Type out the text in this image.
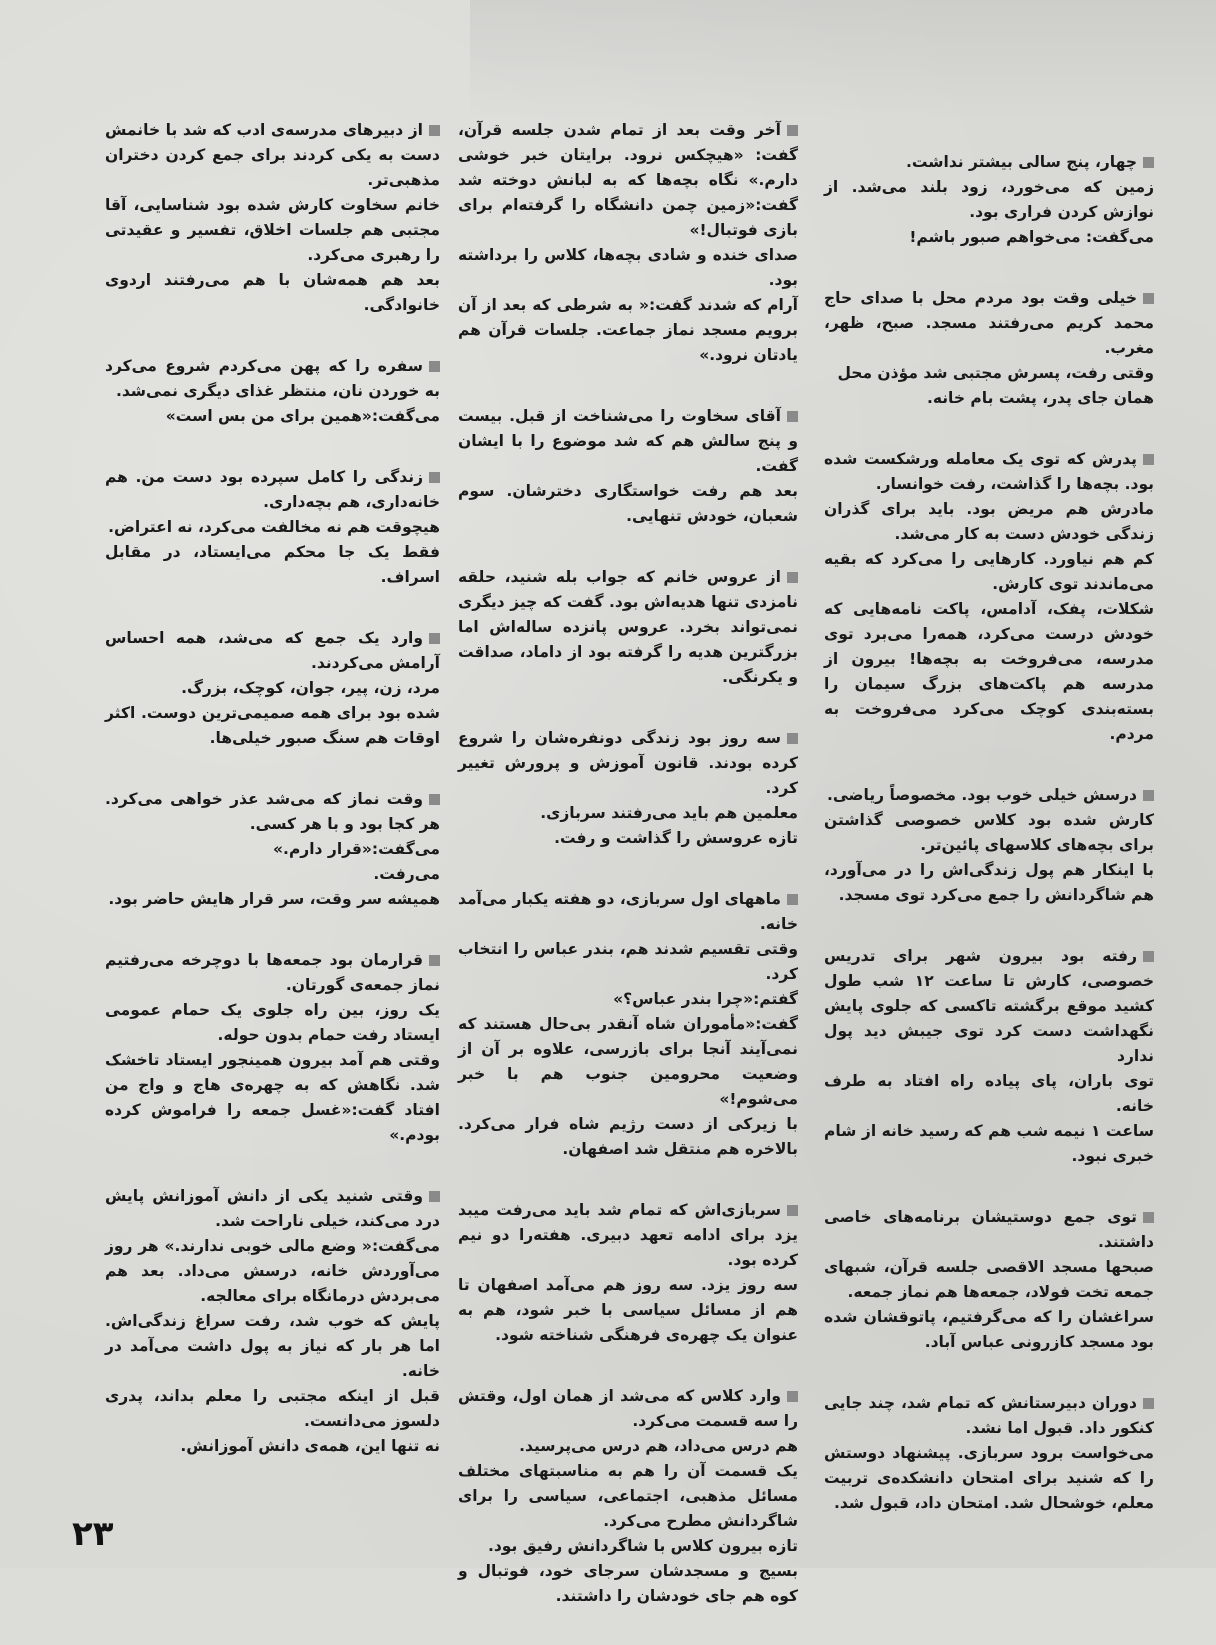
چهار، پنج سالی بیشتر نداشت.

زمین که می‌خورد، زود بلند می‌شد. از نوازش کردن فراری بود.

می‌گفت: می‌خواهم صبور باشم!

خیلی وقت بود مردم محل با صدای حاج محمد کریم می‌رفتند مسجد. صبح، ظهر، مغرب.

وقتی رفت، پسرش مجتبی شد مؤذن محل

همان جای پدر، پشت بام خانه.

پدرش که توی یک معامله ورشکست شده بود. بچه‌ها را گذاشت، رفت خوانسار.

مادرش هم مریض بود. باید برای گذران زندگی خودش دست به کار می‌شد.

کم هم نیاورد. کارهایی را می‌کرد که بقیه می‌ماندند توی کارش.

شکلات، پفک، آدامس، پاکت نامه‌هایی که خودش درست می‌کرد، همه‌را می‌برد توی مدرسه، می‌فروخت به بچه‌ها! بیرون از مدرسه هم پاکت‌های بزرگ سیمان را بسته‌بندی کوچک می‌کرد می‌فروخت به مردم.

درسش خیلی خوب بود. مخصوصاً ریاضی.

کارش شده بود کلاس خصوصی گذاشتن برای بچه‌های کلاسهای پائین‌تر.

با اینکار هم پول زندگی‌اش را در می‌آورد، هم شاگردانش را جمع می‌کرد توی مسجد.

رفته بود بیرون شهر برای تدریس خصوصی، کارش تا ساعت ۱۲ شب طول کشید موقع برگشته تاکسی که جلوی پایش نگهداشت دست کرد توی جیبش دید پول ندارد

توی باران، پای پیاده راه افتاد به طرف خانه.

ساعت ۱ نیمه شب هم که رسید خانه از شام خبری نبود.

توی جمع دوستیشان برنامه‌های خاصی داشتند.

صبحها مسجد الاقصی جلسه قرآن، شبهای جمعه تخت فولاد، جمعه‌ها هم نماز جمعه.

سراغشان را که می‌گرفتیم، پاتوقشان شده بود مسجد کازرونی عباس آباد.

دوران دبیرستانش که تمام شد، چند جایی کنکور داد. قبول اما نشد.

می‌خواست برود سربازی. پیشنهاد دوستش را که شنید برای امتحان دانشکده‌ی تربیت معلم، خوشحال شد. امتحان داد، قبول شد.

آخر وقت بعد از تمام شدن جلسه قرآن، گفت: «هیچکس نرود. برایتان خبر خوشی دارم.» نگاه بچه‌ها که به لبانش دوخته شد گفت:«زمین چمن دانشگاه را گرفته‌ام برای بازی فوتبال!»

صدای خنده و شادی بچه‌ها، کلاس را برداشته بود.

آرام که شدند گفت:« به شرطی که بعد از آن برویم مسجد نماز جماعت. جلسات قرآن هم یادتان نرود.»

آقای سخاوت را می‌شناخت از قبل. بیست و پنج سالش هم که شد موضوع را با ایشان گفت.

بعد هم رفت خواستگاری دخترشان. سوم شعبان، خودش تنهایی.

از عروس خانم که جواب بله شنید، حلقه نامزدی تنها هدیه‌اش بود. گفت که چیز دیگری نمی‌تواند بخرد. عروس پانزده ساله‌اش اما بزرگترین هدیه را گرفته بود از داماد، صداقت و یکرنگی.

سه روز بود زندگی دونفره‌شان را شروع کرده بودند. قانون آموزش و پرورش تغییر کرد.

معلمین هم باید می‌رفتند سربازی.

تازه عروسش را گذاشت و رفت.

ماههای اول سربازی، دو هفته یکبار می‌آمد خانه.

وقتی تقسیم شدند هم، بندر عباس را انتخاب کرد.

گفتم:«چرا بندر عباس؟»

گفت:«مأموران شاه آنقدر بی‌حال هستند که نمی‌آیند آنجا برای بازرسی، علاوه بر آن از وضعیت محرومین جنوب هم با خبر می‌شوم!»

با زیرکی از دست رژیم شاه فرار می‌کرد. بالاخره هم منتقل شد اصفهان.

سربازی‌اش که تمام شد باید می‌رفت میبد یزد برای ادامه تعهد دبیری. هفته‌را دو نیم کرده بود.

سه روز یزد. سه روز هم می‌آمد اصفهان تا هم از مسائل سیاسی با خبر شود، هم به عنوان یک چهره‌ی فرهنگی شناخته شود.

وارد کلاس که می‌شد از همان اول، وقتش را سه قسمت می‌کرد.

هم درس می‌داد، هم درس می‌پرسید.

یک قسمت آن را هم به مناسبتهای مختلف مسائل مذهبی، اجتماعی، سیاسی را برای شاگردانش مطرح می‌کرد.

تازه بیرون کلاس با شاگردانش رفیق بود.

بسیج و مسجدشان سرجای خود، فوتبال و کوه هم جای خودشان را داشتند.

از دبیرهای مدرسه‌ی ادب که شد با خانمش دست به یکی کردند برای جمع کردن دختران مذهبی‌تر.

خانم سخاوت کارش شده بود شناسایی، آقا مجتبی هم جلسات اخلاق، تفسیر و عقیدتی را رهبری می‌کرد.

بعد هم همه‌شان با هم می‌رفتند اردوی خانوادگی.

سفره را که پهن می‌کردم شروع می‌کرد به خوردن نان، منتظر غذای دیگری نمی‌شد.

می‌گفت:«همین برای من بس است»

زندگی را کامل سپرده بود دست من. هم خانه‌داری، هم بچه‌داری.

هیچوقت هم نه مخالفت می‌کرد، نه اعتراض.

فقط یک جا محکم می‌ایستاد، در مقابل اسراف.

وارد یک جمع که می‌شد، همه احساس آرامش می‌کردند.

مرد، زن، پیر، جوان، کوچک، بزرگ.

شده بود برای همه صمیمی‌ترین دوست. اکثر اوقات هم سنگ صبور خیلی‌ها.

وقت نماز که می‌شد عذر خواهی می‌کرد. هر کجا بود و با هر کسی.

می‌گفت:«قرار دارم.»

می‌رفت.

همیشه سر وقت، سر قرار هایش حاضر بود.

قرارمان بود جمعه‌ها با دوچرخه می‌رفتیم نماز جمعه‌ی گورتان.

یک روز، بین راه جلوی یک حمام عمومی ایستاد رفت حمام بدون حوله.

وقتی هم آمد بیرون همینجور ایستاد تاخشک شد. نگاهش که به چهره‌ی هاج و واج من افتاد گفت:«غسل جمعه را فراموش کرده بودم.»

وقتی شنید یکی از دانش آموزانش پایش درد می‌کند، خیلی ناراحت شد.

می‌گفت:« وضع مالی خوبی ندارند.» هر روز می‌آوردش خانه، درسش می‌داد. بعد هم می‌بردش درمانگاه برای معالجه.

پایش که خوب شد، رفت سراغ زندگی‌اش. اما هر بار که نیاز به پول داشت می‌آمد در خانه.

قبل از اینکه مجتبی را معلم بداند، پدری دلسوز می‌دانست.

نه تنها این، همه‌ی دانش آموزانش.

۲۳
